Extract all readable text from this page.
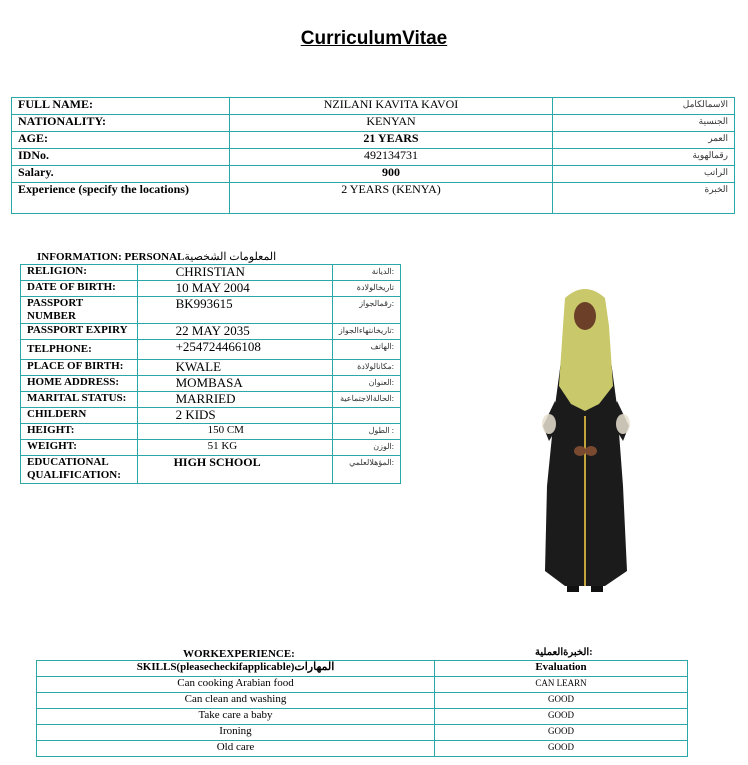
CurriculumVitae
FULL NAME:	NZILANI KAVITA KAVOI	الاسمالكامل
NATIONALITY:	KENYAN	الجنسية
AGE:	21 YEARS	العمر
IDNo.	492134731	رقمالهوية
Salary.	900	الراتب
Experience (specify the locations)	2 YEARS (KENYA)	الخبرة
INFORMATION: PERSONALالمعلومات الشخصية
RELIGION:	CHRISTIAN	الديانة:
DATE OF BIRTH:	10 MAY 2004	تاريخالولادة
PASSPORT NUMBER	BK993615	رقمالجواز:
PASSPORT EXPIRY	22 MAY 2035	تاريخانتهاءالجواز:
TELPHONE:	+254724466108	الهاتف:
PLACE OF BIRTH:	KWALE	مكانالولادة:
HOME ADDRESS:	MOMBASA	العنوان:
MARITAL STATUS:	MARRIED	الحالةالاجتماعية:
CHILDERN	2 KIDS	
HEIGHT:	150 CM	الطول :
WEIGHT:	51 KG	الوزن:
EDUCATIONAL QUALIFICATION:	HIGH SCHOOL	المؤهلالعلمي:
WORKEXPERIENCE:	الخبرةالعملية:
SKILLS(pleasecheckifapplicable)المهارات	Evaluation
Can cooking Arabian food	CAN LEARN
Can clean and washing	GOOD
Take care a baby	GOOD
Ironing	GOOD
Old care	GOOD
